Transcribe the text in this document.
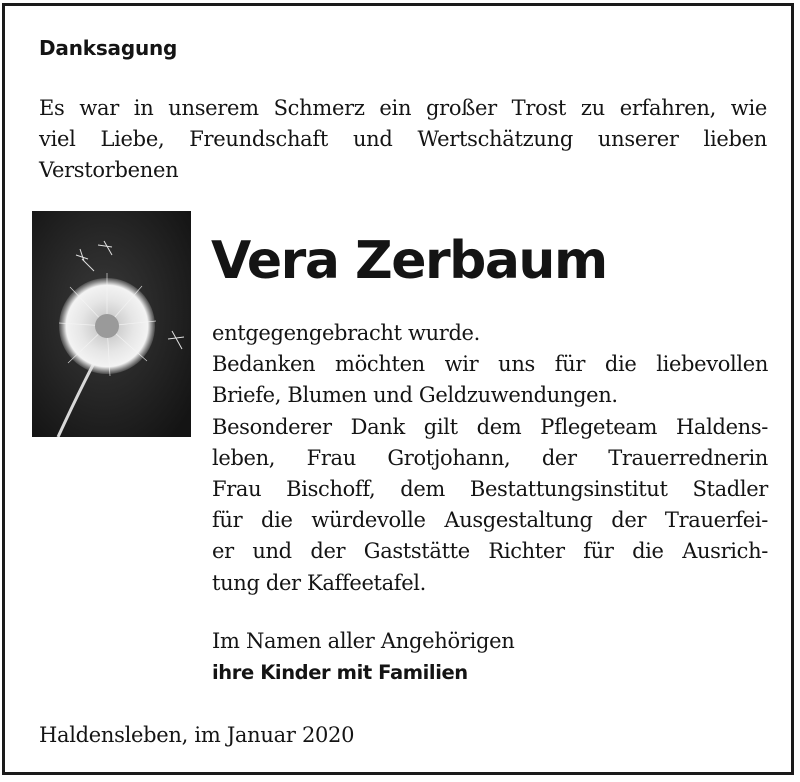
Danksagung
Es war in unserem Schmerz ein großer Trost zu erfahren, wie
viel Liebe, Freundschaft und Wertschätzung unserer lieben
Verstorbenen
Vera Zerbaum
entgegengebracht wurde.
Bedanken möchten wir uns für die liebevollen
Briefe, Blumen und Geldzuwendungen.
Besonderer Dank gilt dem Pflegeteam Haldens-
leben, Frau Grotjohann, der Trauerrednerin
Frau Bischoff, dem Bestattungsinstitut Stadler
für die würdevolle Ausgestaltung der Trauerfei-
er und der Gaststätte Richter für die Ausrich-
tung der Kaffeetafel.
Im Namen aller Angehörigen
ihre Kinder mit Familien
Haldensleben, im Januar 2020
